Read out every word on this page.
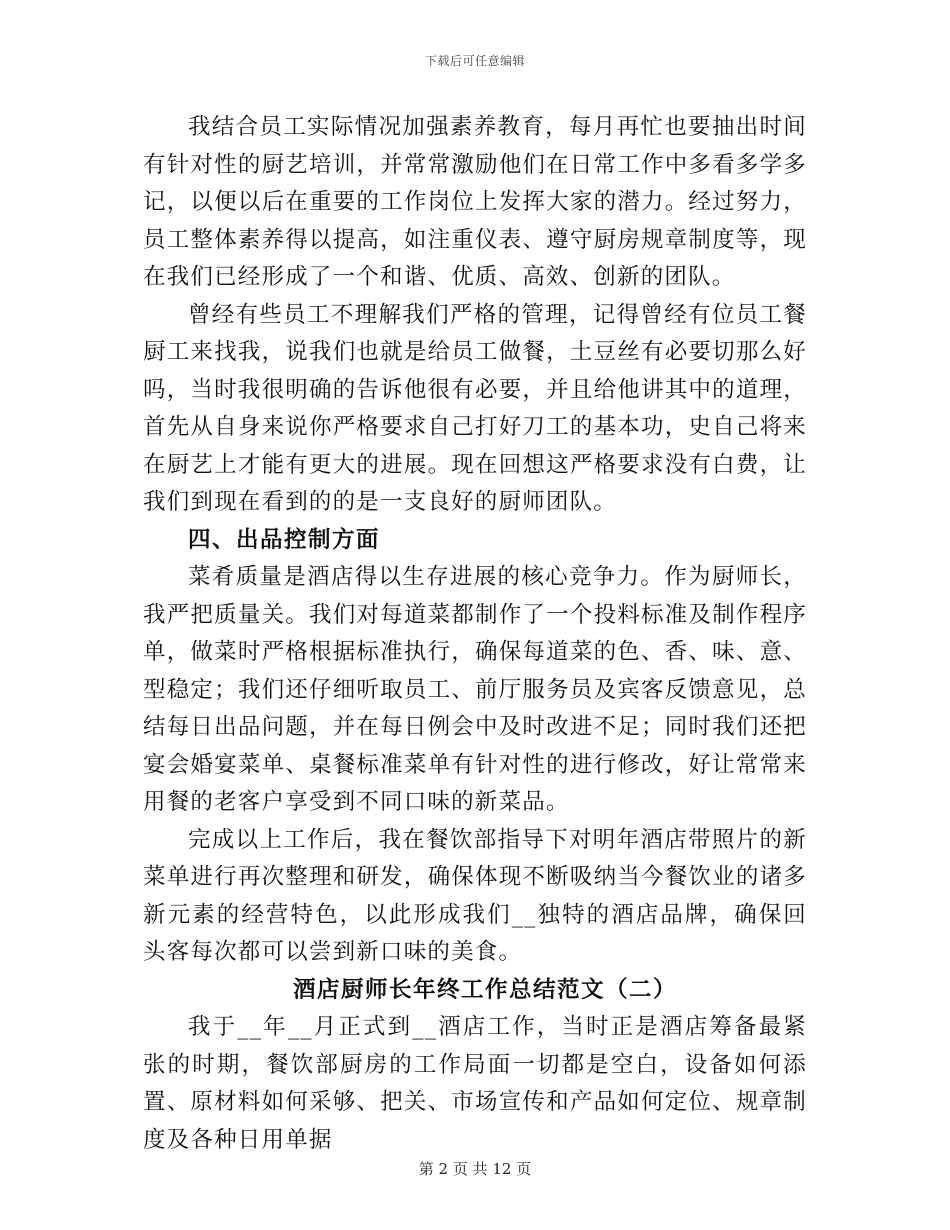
下载后可任意编辑

我结合员工实际情况加强素养教育，每月再忙也要抽出时间有针对性的厨艺培训，并常常激励他们在日常工作中多看多学多记，以便以后在重要的工作岗位上发挥大家的潜力。经过努力，员工整体素养得以提高，如注重仪表、遵守厨房规章制度等，现在我们已经形成了一个和谐、优质、高效、创新的团队。

曾经有些员工不理解我们严格的管理，记得曾经有位员工餐厨工来找我，说我们也就是给员工做餐，土豆丝有必要切那么好吗，当时我很明确的告诉他很有必要，并且给他讲其中的道理，首先从自身来说你严格要求自己打好刀工的基本功，史自己将来在厨艺上才能有更大的进展。现在回想这严格要求没有白费，让我们到现在看到的的是一支良好的厨师团队。

四、出品控制方面

菜肴质量是酒店得以生存进展的核心竞争力。作为厨师长，我严把质量关。我们对每道菜都制作了一个投料标准及制作程序单，做菜时严格根据标准执行，确保每道菜的色、香、味、意、型稳定；我们还仔细听取员工、前厅服务员及宾客反馈意见，总结每日出品问题，并在每日例会中及时改进不足；同时我们还把宴会婚宴菜单、桌餐标准菜单有针对性的进行修改，好让常常来用餐的老客户享受到不同口味的新菜品。

完成以上工作后，我在餐饮部指导下对明年酒店带照片的新菜单进行再次整理和研发，确保体现不断吸纳当今餐饮业的诸多新元素的经营特色，以此形成我们__独特的酒店品牌，确保回头客每次都可以尝到新口味的美食。

酒店厨师长年终工作总结范文（二）

我于__年__月正式到__酒店工作，当时正是酒店筹备最紧张的时期，餐饮部厨房的工作局面一切都是空白，设备如何添置、原材料如何采够、把关、市场宣传和产品如何定位、规章制度及各种日用单据

第 2 页 共 12 页
